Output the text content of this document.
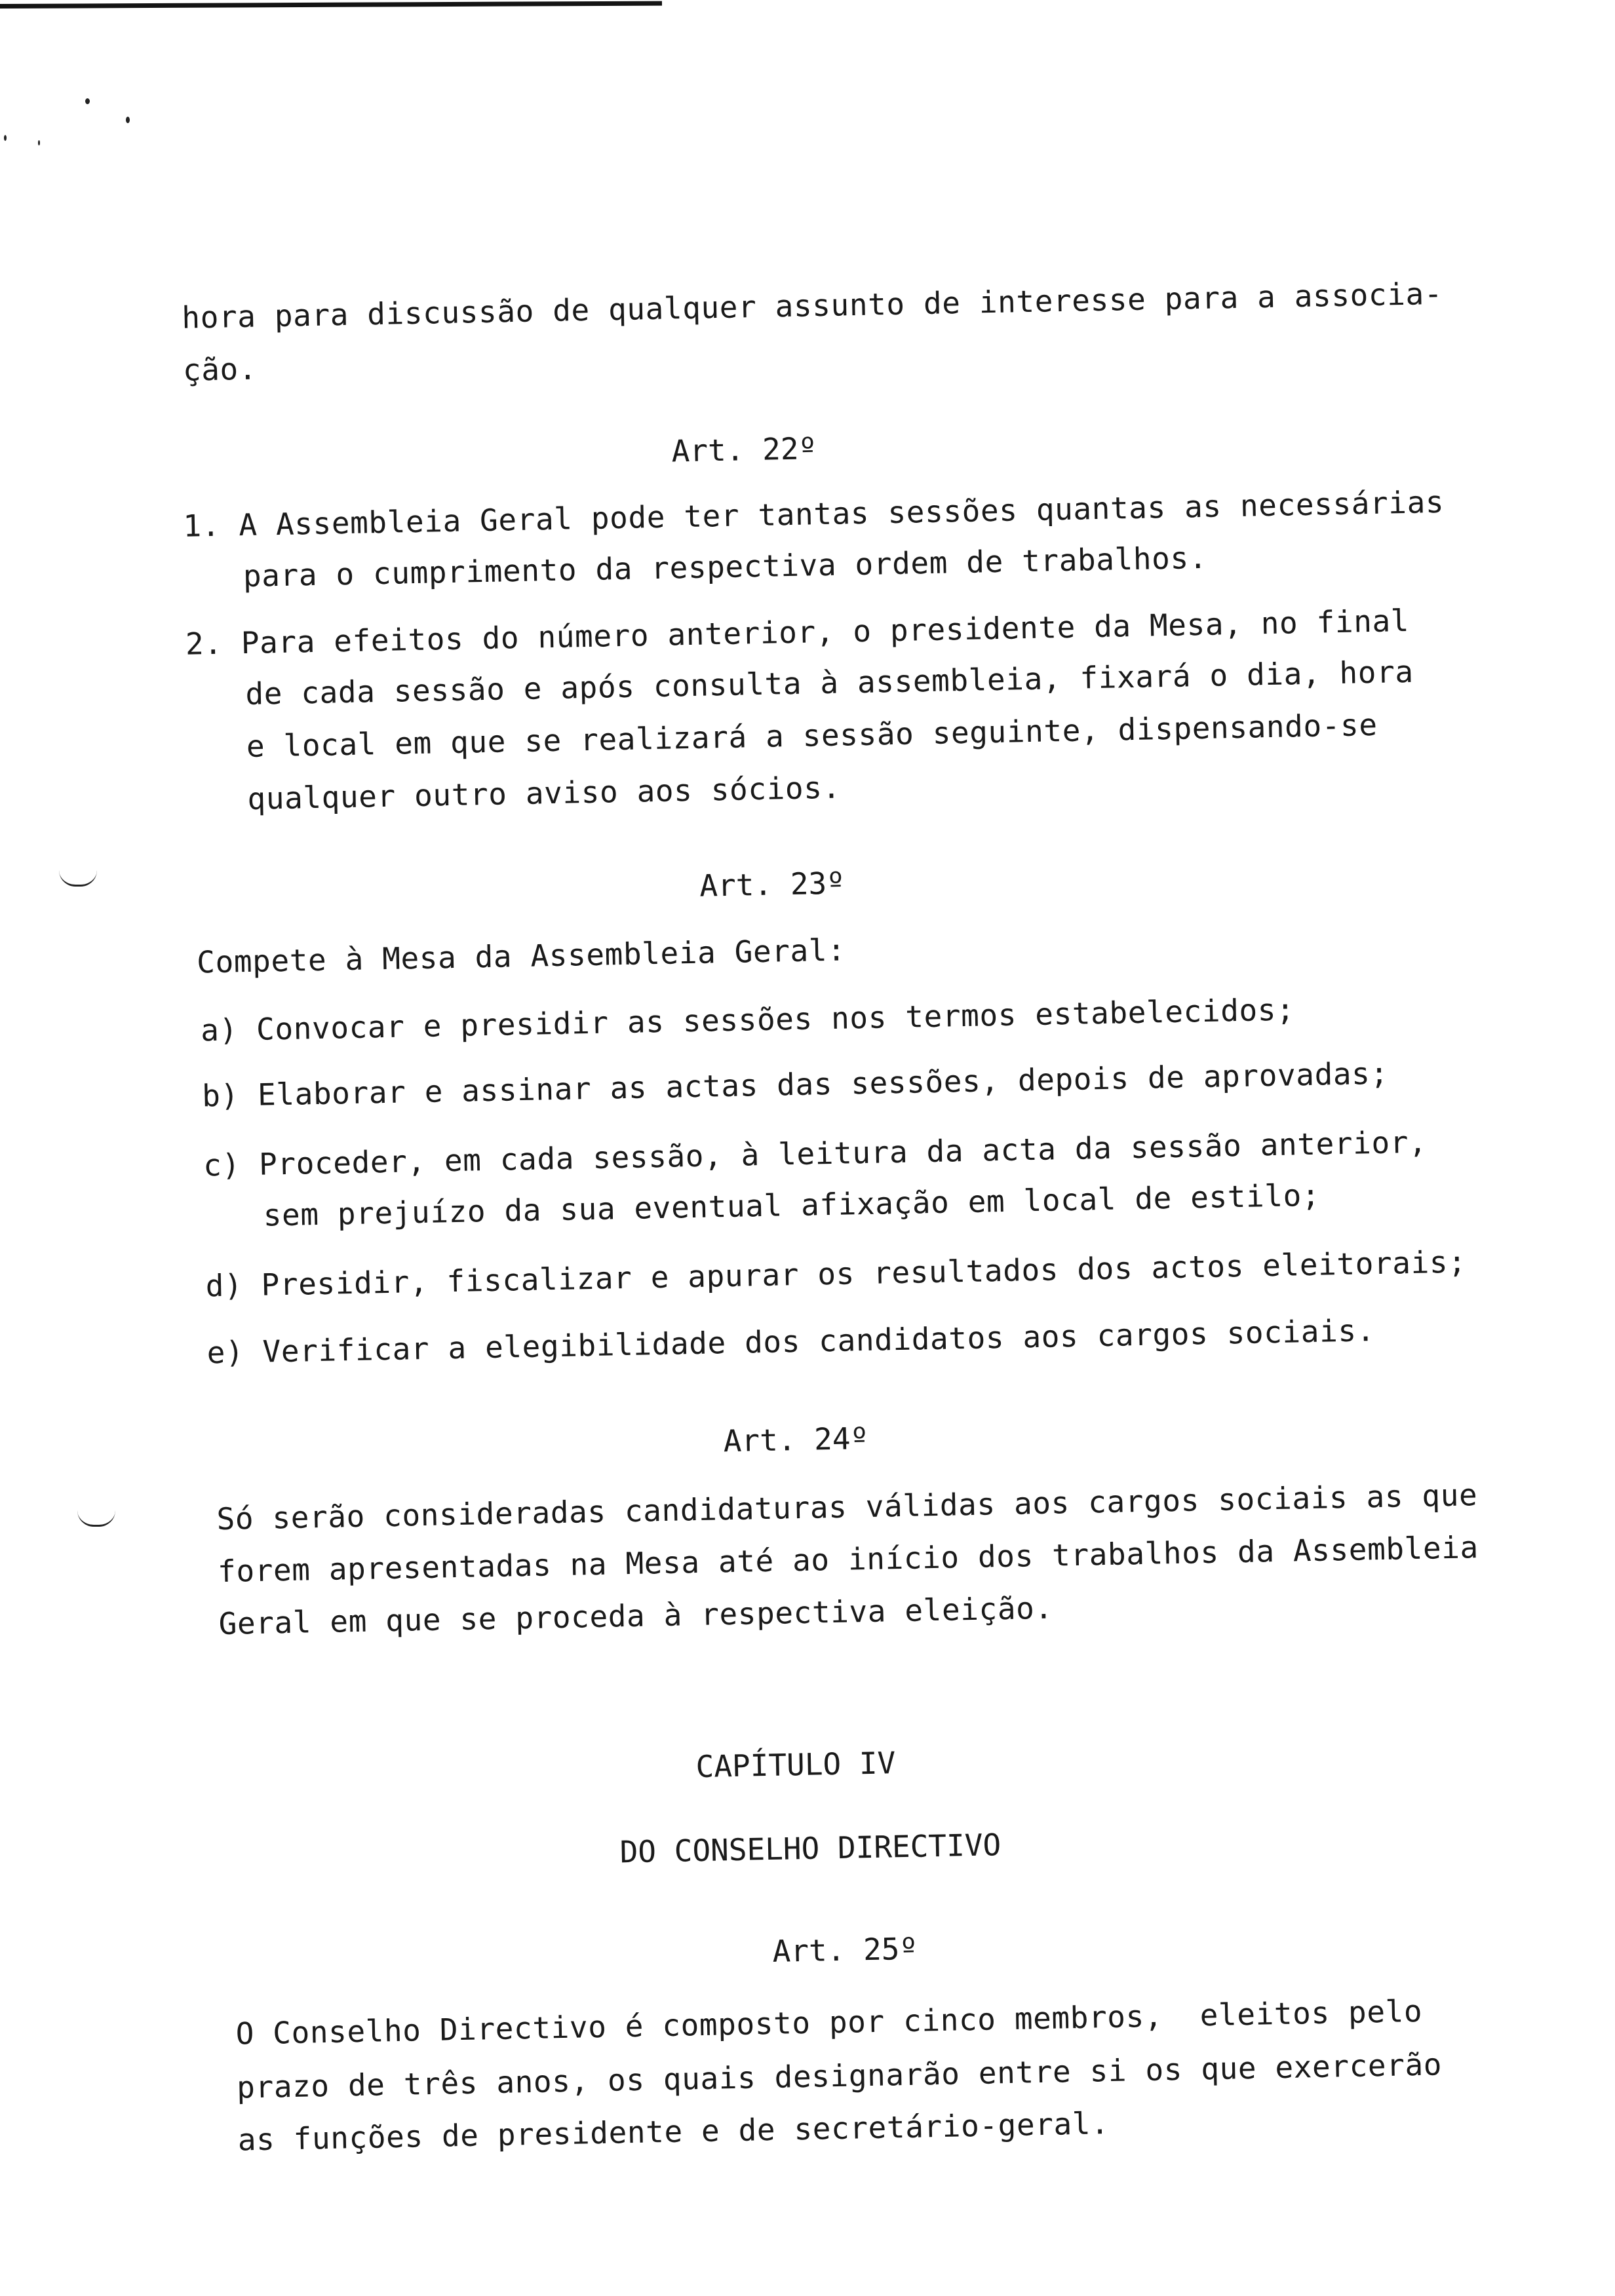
hora para discussão de qualquer assunto de interesse para a associa-
ção.
Art. 22º
1. A Assembleia Geral pode ter tantas sessões quantas as necessárias
para o cumprimento da respectiva ordem de trabalhos.
2. Para efeitos do número anterior, o presidente da Mesa, no final
de cada sessão e após consulta à assembleia, fixará o dia, hora
e local em que se realizará a sessão seguinte, dispensando-se
qualquer outro aviso aos sócios.
Art. 23º
Compete à Mesa da Assembleia Geral:
a) Convocar e presidir as sessões nos termos estabelecidos;
b) Elaborar e assinar as actas das sessões, depois de aprovadas;
c) Proceder, em cada sessão, à leitura da acta da sessão anterior,
sem prejuízo da sua eventual afixação em local de estilo;
d) Presidir, fiscalizar e apurar os resultados dos actos eleitorais;
e) Verificar a elegibilidade dos candidatos aos cargos sociais.
Art. 24º
Só serão consideradas candidaturas válidas aos cargos sociais as que
forem apresentadas na Mesa até ao início dos trabalhos da Assembleia
Geral em que se proceda à respectiva eleição.
CAPÍTULO IV
DO CONSELHO DIRECTIVO
Art. 25º
O Conselho Directivo é composto por cinco membros,  eleitos pelo
prazo de três anos, os quais designarão entre si os que exercerão
as funções de presidente e de secretário-geral.
